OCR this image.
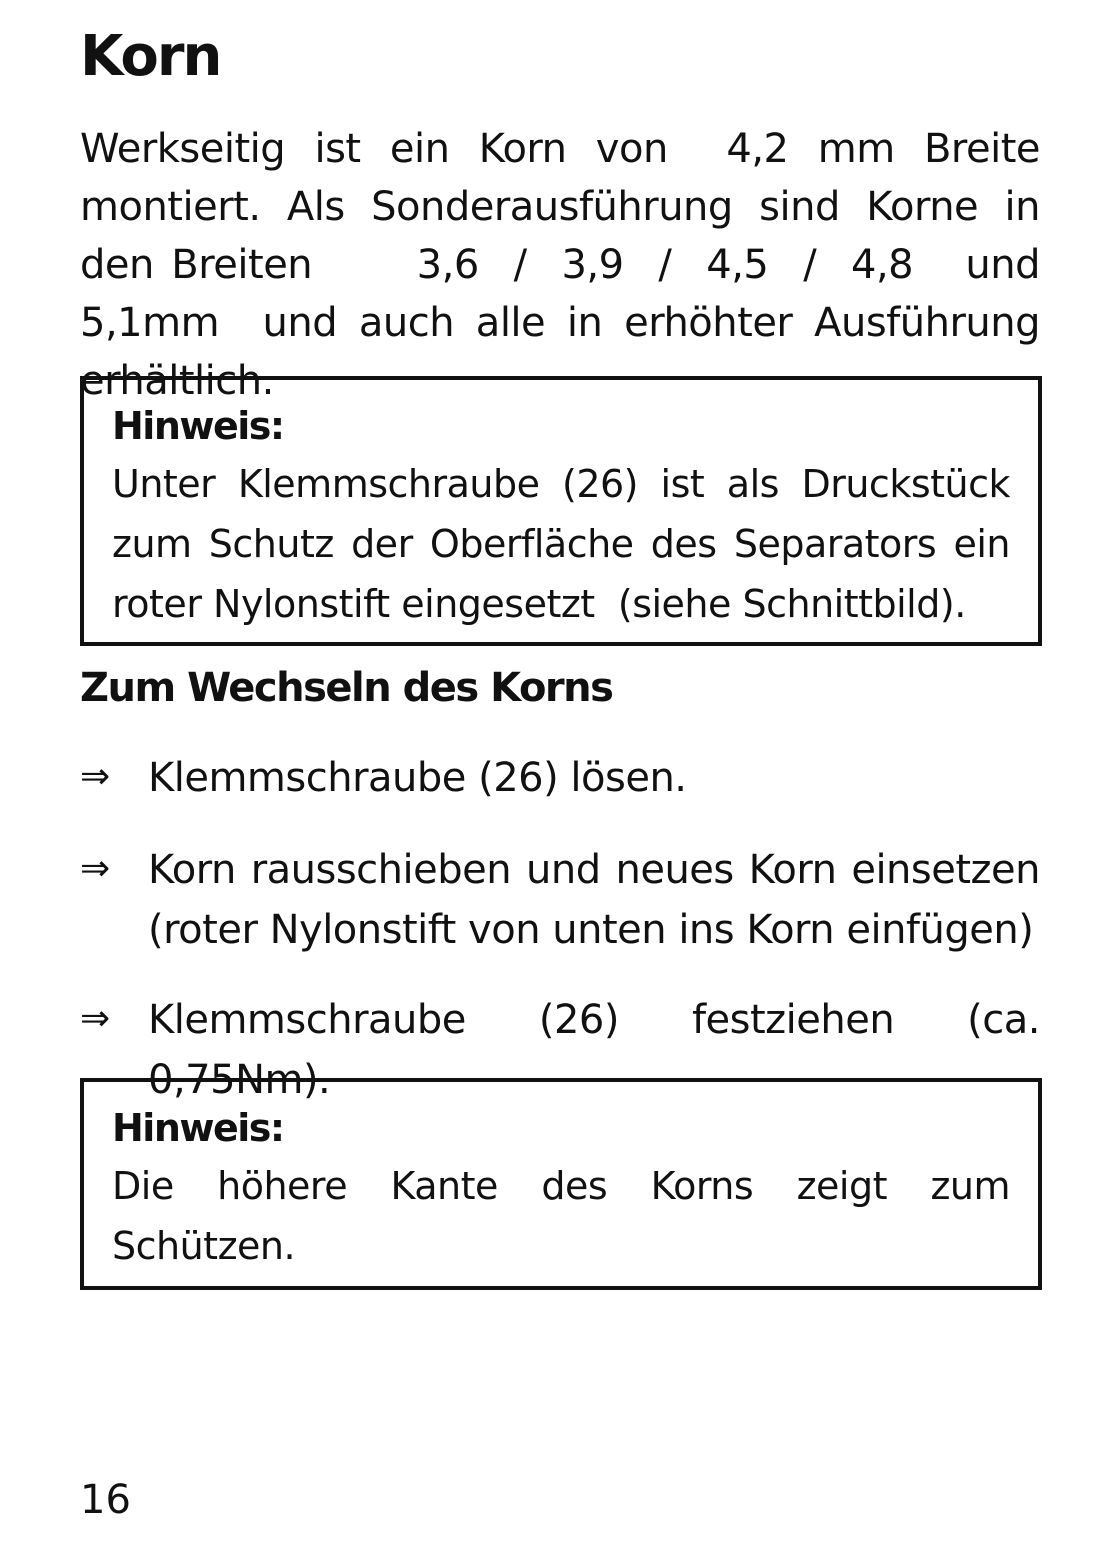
Korn

Werkseitig ist ein Korn von  4,2 mm Breite montiert. Als Sonderausführung sind Korne in den Breiten      3,6  /  3,9  /  4,5  /  4,8   und  5,1mm  und auch alle in erhöhter Ausführung erhältlich.

Hinweis:

Unter Klemmschraube (26) ist als Druckstück zum Schutz der Oberfläche des Separators ein roter Nylonstift eingesetzt  (siehe Schnittbild).

Zum Wechseln des Korns
⇒ Klemmschraube (26) lösen.
⇒ Korn rausschieben und neues Korn einsetzen (roter Nylonstift von unten ins Korn einfügen)
⇒ Klemmschraube (26) festziehen (ca. 0,75Nm).

Hinweis:

Die höhere Kante des Korns zeigt zum Schützen.

16
